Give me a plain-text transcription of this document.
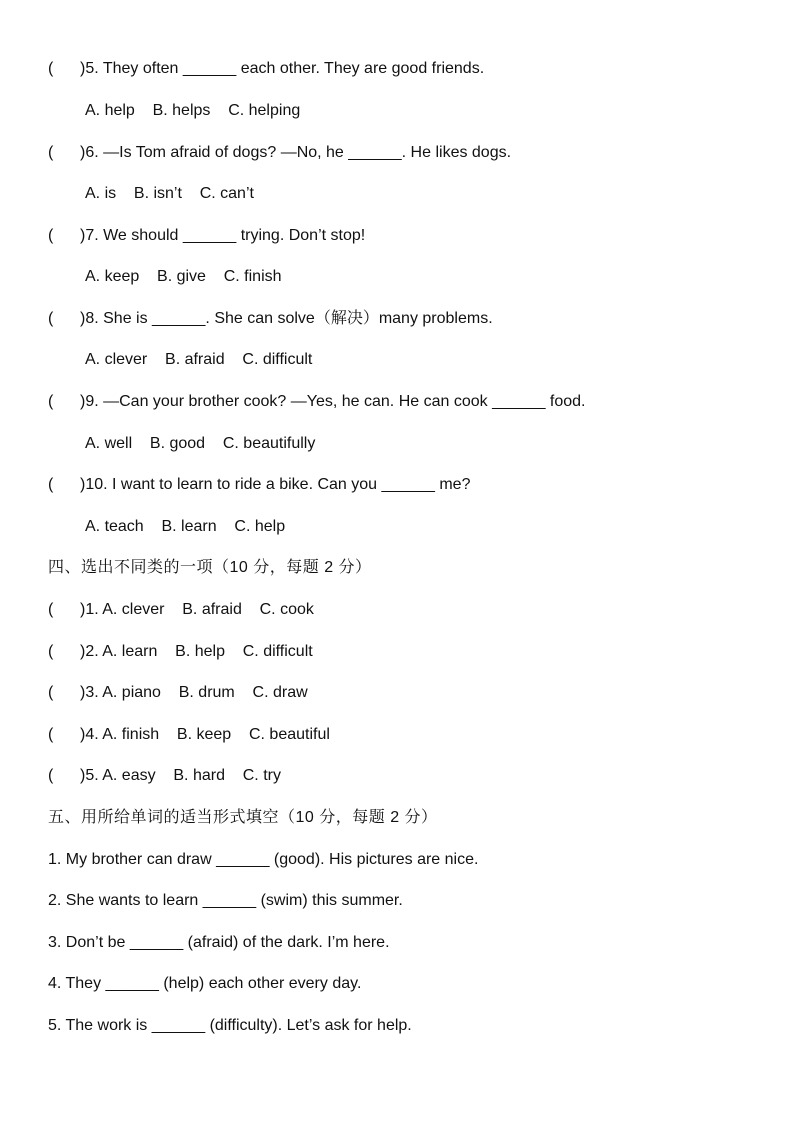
(      )5. They often ______ each other. They are good friends.
A. help    B. helps    C. helping
(      )6. —Is Tom afraid of dogs? —No, he ______. He likes dogs.
A. is    B. isn’t    C. can’t
(      )7. We should ______ trying. Don’t stop!
A. keep    B. give    C. finish
(      )8. She is ______. She can solve（解决）many problems.
A. clever    B. afraid    C. difficult
(      )9. —Can your brother cook? —Yes, he can. He can cook ______ food.
A. well    B. good    C. beautifully
(      )10. I want to learn to ride a bike. Can you ______ me?
A. teach    B. learn    C. help
四、选出不同类的一项（10 分，每题 2 分）
(      )1. A. clever    B. afraid    C. cook
(      )2. A. learn    B. help    C. difficult
(      )3. A. piano    B. drum    C. draw
(      )4. A. finish    B. keep    C. beautiful
(      )5. A. easy    B. hard    C. try
五、用所给单词的适当形式填空（10 分，每题 2 分）
1. My brother can draw ______ (good). His pictures are nice.
2. She wants to learn ______ (swim) this summer.
3. Don’t be ______ (afraid) of the dark. I’m here.
4. They ______ (help) each other every day.
5. The work is ______ (difficulty). Let’s ask for help.
